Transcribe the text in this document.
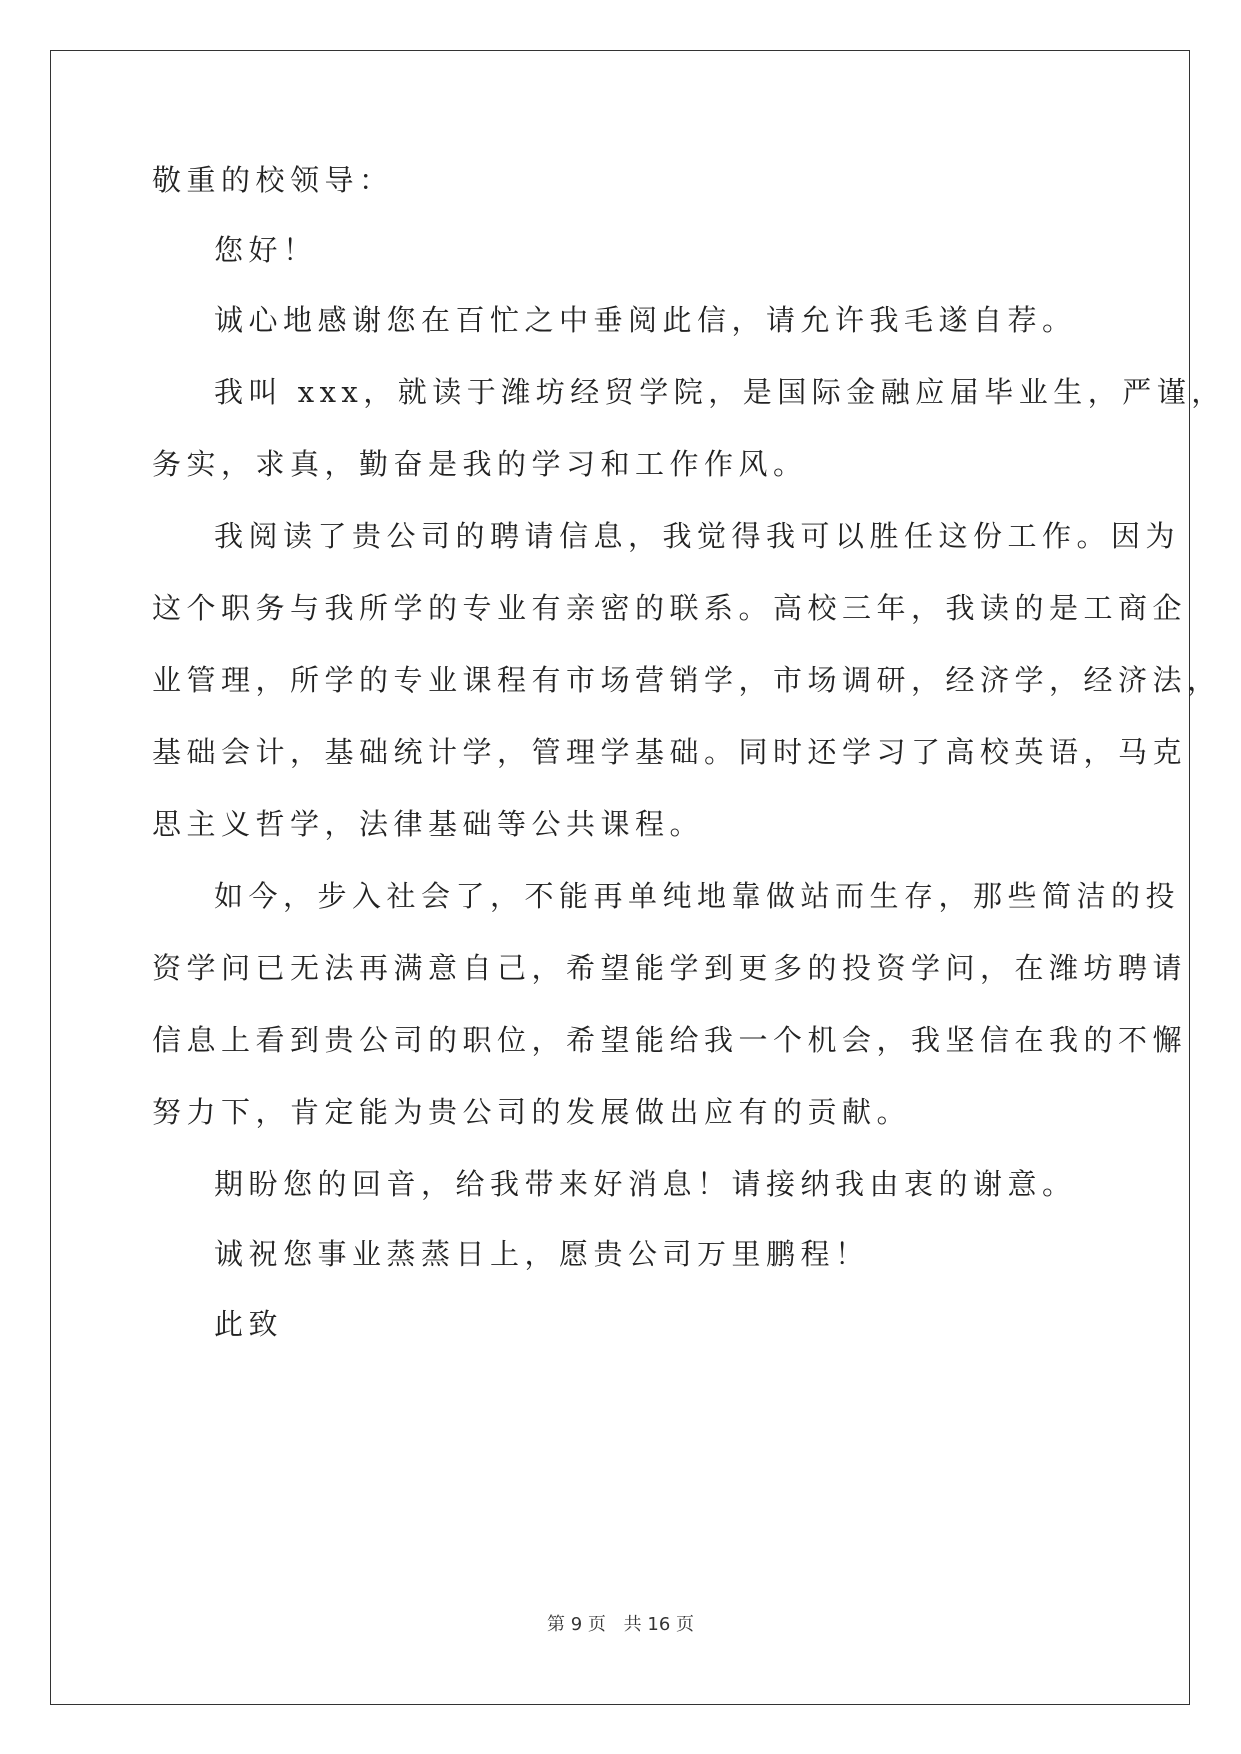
敬重的校领导：
您好！
诚心地感谢您在百忙之中垂阅此信，请允许我毛遂自荐。
我叫 xxx，就读于潍坊经贸学院，是国际金融应届毕业生，严谨，
务实，求真，勤奋是我的学习和工作作风。
我阅读了贵公司的聘请信息，我觉得我可以胜任这份工作。因为
这个职务与我所学的专业有亲密的联系。高校三年，我读的是工商企
业管理，所学的专业课程有市场营销学，市场调研，经济学，经济法，
基础会计，基础统计学，管理学基础。同时还学习了高校英语，马克
思主义哲学，法律基础等公共课程。
如今，步入社会了，不能再单纯地靠做站而生存，那些简洁的投
资学问已无法再满意自己，希望能学到更多的投资学问，在潍坊聘请
信息上看到贵公司的职位，希望能给我一个机会，我坚信在我的不懈
努力下，肯定能为贵公司的发展做出应有的贡献。
期盼您的回音，给我带来好消息！请接纳我由衷的谢意。
诚祝您事业蒸蒸日上，愿贵公司万里鹏程！
此致
第 9 页 共 16 页
